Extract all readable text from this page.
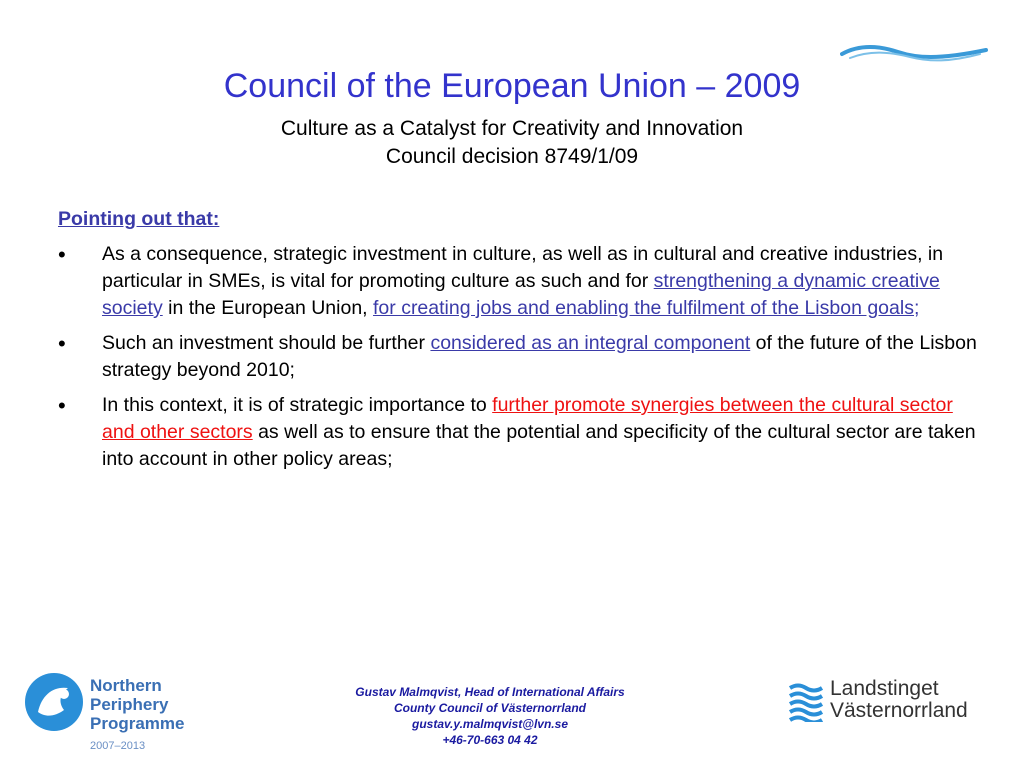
Council of the European Union – 2009
Culture as a Catalyst for Creativity and Innovation
Council decision 8749/1/09
Pointing out that:
• As a consequence, strategic investment in culture, as well as in cultural and creative industries, in particular in SMEs, is vital for promoting culture as such and for strengthening a dynamic creative society in the European Union, for creating jobs and enabling the fulfilment of the Lisbon goals;
• Such an investment should be further considered as an integral component of the future of the Lisbon strategy beyond 2010;
• In this context, it is of strategic importance to further promote synergies between the cultural sector and other sectors as well as to ensure that the potential and specificity of the cultural sector are taken into account in other policy areas;
Northern
Periphery
Programme
2007–2013
Gustav Malmqvist, Head of International Affairs
County Council of Västernorrland
gustav.y.malmqvist@lvn.se
+46-70-663 04 42
Landstinget
Västernorrland
